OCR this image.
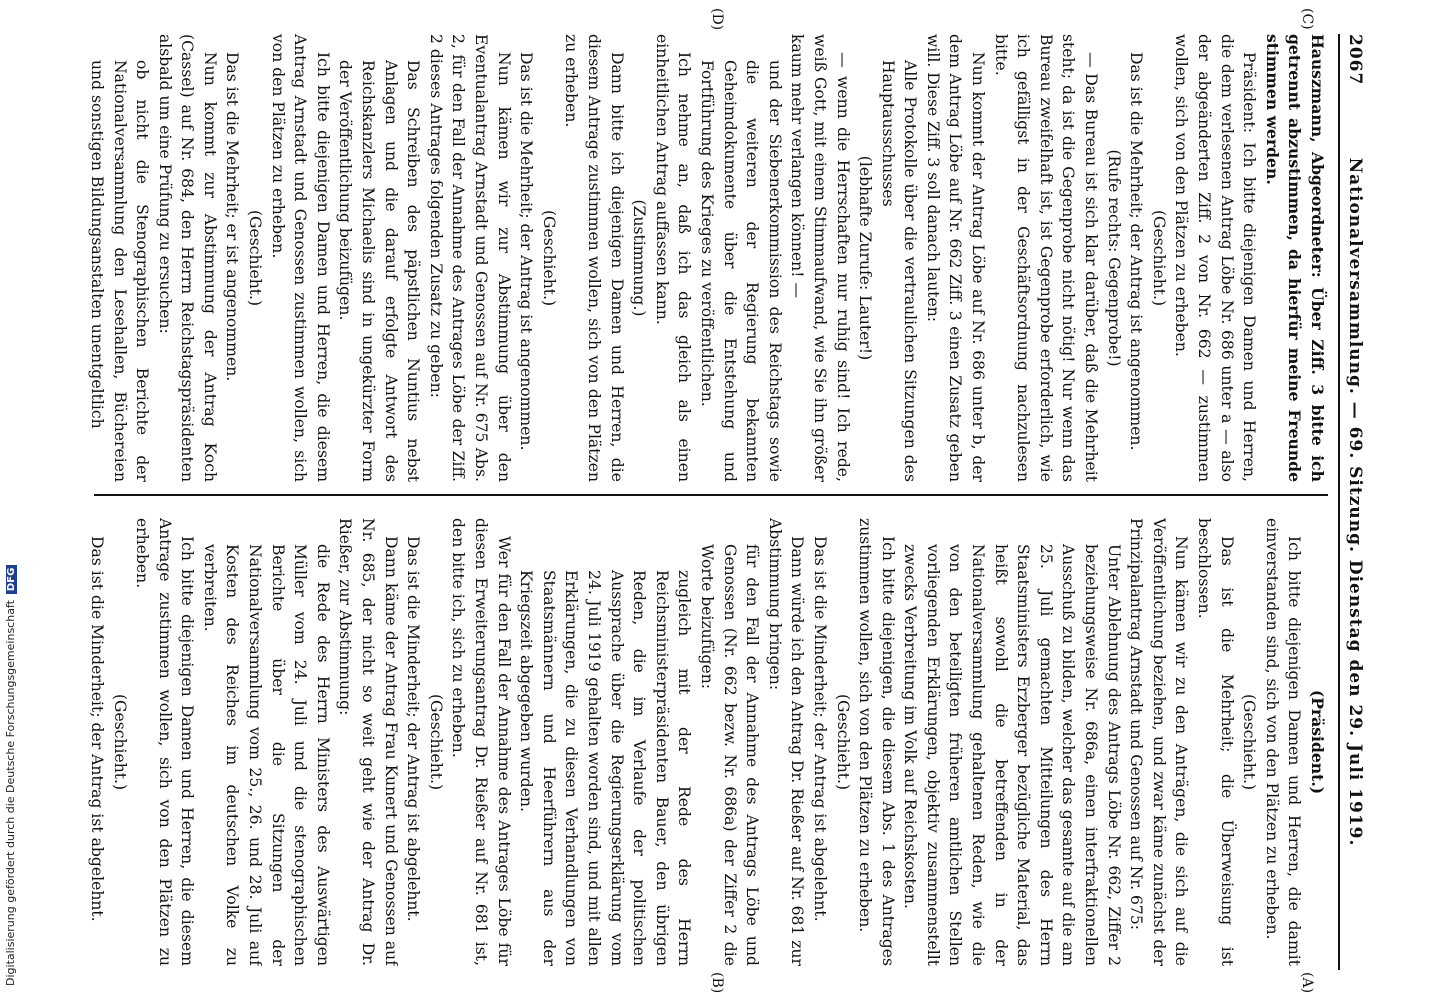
2067
Nationalversammlung. — 69. Sitzung. Dienstag den 29. Juli 1919.
(C)
(D)
(A)
(B)

Hauszmann, Abgeordneter: Über Ziff. 3 bitte ich getrennt abzustimmen, da hierfür meine Freunde stimmen werden.

Präsident: Ich bitte diejenigen Damen und Herren, die dem verlesenen Antrag Löbe Nr. 686 unter a — also der abgeänderten Ziff. 2 von Nr. 662 — zustimmen wollen, sich von den Plätzen zu erheben.

(Geschieht.)

Das ist die Mehrheit; der Antrag ist angenommen.

(Rufe rechts: Gegenprobe!)

— Das Bureau ist sich klar darüber, daß die Mehrheit steht; da ist die Gegenprobe nicht nötig! Nur wenn das Bureau zweifelhaft ist, ist Gegenprobe erforderlich, wie ich gefälligst in der Geschäftsordnung nachzulesen bitte.

Nun kommt der Antrag Löbe auf Nr. 686 unter b, der dem Antrag Löbe auf Nr. 662 Ziff. 3 einen Zusatz geben will. Diese Ziff. 3 soll danach lauten:

Alle Protokolle über die vertraulichen Sitzungen des Hauptausschusses

(lebhafte Zurufe: Lauter!)

— wenn die Herrschaften nur ruhig sind! Ich rede, weiß Gott, mit einem Stimmaufwand, wie Sie ihn größer kaum mehr verlangen können! —

und der Siebenerkommission des Reichstags sowie die weiteren der Regierung bekannten Geheimdokumente über die Entstehung und Fortführung des Krieges zu veröffentlichen.

Ich nehme an, daß ich das gleich als einen einheitlichen Antrag auffassen kann.

(Zustimmung.)

Dann bitte ich diejenigen Damen und Herren, die diesem Antrage zustimmen wollen, sich von den Plätzen zu erheben.

(Geschieht.)

Das ist die Mehrheit; der Antrag ist angenommen.

Nun kämen wir zur Abstimmung über den Eventualantrag Arnstadt und Genossen auf Nr. 675 Abs. 2, für den Fall der Annahme des Antrages Löbe der Ziff. 2 dieses Antrages folgenden Zusatz zu geben:

Das Schreiben des päpstlichen Nuntius nebst Anlagen und die darauf erfolgte Antwort des Reichskanzlers Michaelis sind in ungekürzter Form der Veröffentlichung beizufügen.

Ich bitte diejenigen Damen und Herren, die diesem Antrag Arnstadt und Genossen zustimmen wollen, sich von den Plätzen zu erheben.

(Geschieht.)

Das ist die Mehrheit; er ist angenommen.

Nun kommt zur Abstimmung der Antrag Koch (Cassel) auf Nr. 684, den Herrn Reichstagspräsidenten alsbald um eine Prüfung zu ersuchen:

ob nicht die Stenographischen Berichte der Nationalversammlung den Lesehallen, Büchereien und sonstigen Bildungsanstalten unentgeltlich

(Präsident.)

Ich bitte diejenigen Damen und Herren, die damit einverstanden sind, sich von den Plätzen zu erheben.

(Geschieht.)

Das ist die Mehrheit; die Überweisung ist beschlossen.

Nun kämen wir zu den Anträgen, die sich auf die Veröffentlichung beziehen, und zwar käme zunächst der Prinzipalantrag Arnstadt und Genossen auf Nr. 675:

Unter Ablehnung des Antrags Löbe Nr. 662, Ziffer 2 beziehungsweise Nr. 686a, einen interfraktionellen Ausschuß zu bilden, welcher das gesamte auf die am 25. Juli gemachten Mitteilungen des Herrn Staatsministers Erzberger bezügliche Material, das heißt sowohl die betreffenden in der Nationalversammlung gehaltenen Reden, wie die von den beteiligten früheren amtlichen Stellen vorliegenden Erklärungen, objektiv zusammenstellt zwecks Verbreitung im Volk auf Reichskosten.

Ich bitte diejenigen, die diesem Abs. 1 des Antrages zustimmen wollen, sich von den Plätzen zu erheben.

(Geschieht.)

Das ist die Minderheit; der Antrag ist abgelehnt.

Dann würde ich den Antrag Dr. Rießer auf Nr. 681 zur Abstimmung bringen:

für den Fall der Annahme des Antrags Löbe und Genossen (Nr. 662 bezw. Nr. 686a) der Ziffer 2 die Worte beizufügen:

zugleich mit der Rede des Herrn Reichsministerpräsidenten Bauer, den übrigen Reden, die im Verlaufe der politischen Aussprache über die Regierungserklärung vom 24. Juli 1919 gehalten worden sind, und mit allen Erklärungen, die zu diesen Verhandlungen von Staatsmännern und Heerführern aus der Kriegszeit abgegeben wurden.

Wer für den Fall der Annahme des Antrages Löbe für diesen Erweiterungsantrag Dr. Rießer auf Nr. 681 ist, den bitte ich, sich zu erheben.

(Geschieht.)

Das ist die Minderheit; der Antrag ist abgelehnt.

Dann käme der Antrag Frau Kunert und Genossen auf Nr. 685, der nicht so weit geht wie der Antrag Dr. Rießer, zur Abstimmung:

die Rede des Herrn Ministers des Auswärtigen Müller vom 24. Juli und die stenographischen Berichte über die Sitzungen der Nationalversammlung vom 25., 26. und 28. Juli auf Kosten des Reiches im deutschen Volke zu verbreiten.

Ich bitte diejenigen Damen und Herren, die diesem Antrage zustimmen wollen, sich von den Plätzen zu erheben.

(Geschieht.)

Das ist die Minderheit; der Antrag ist abgelehnt.

Digitalisierung gefördert durch die Deutsche ForschungsgemeinschaftDFG
